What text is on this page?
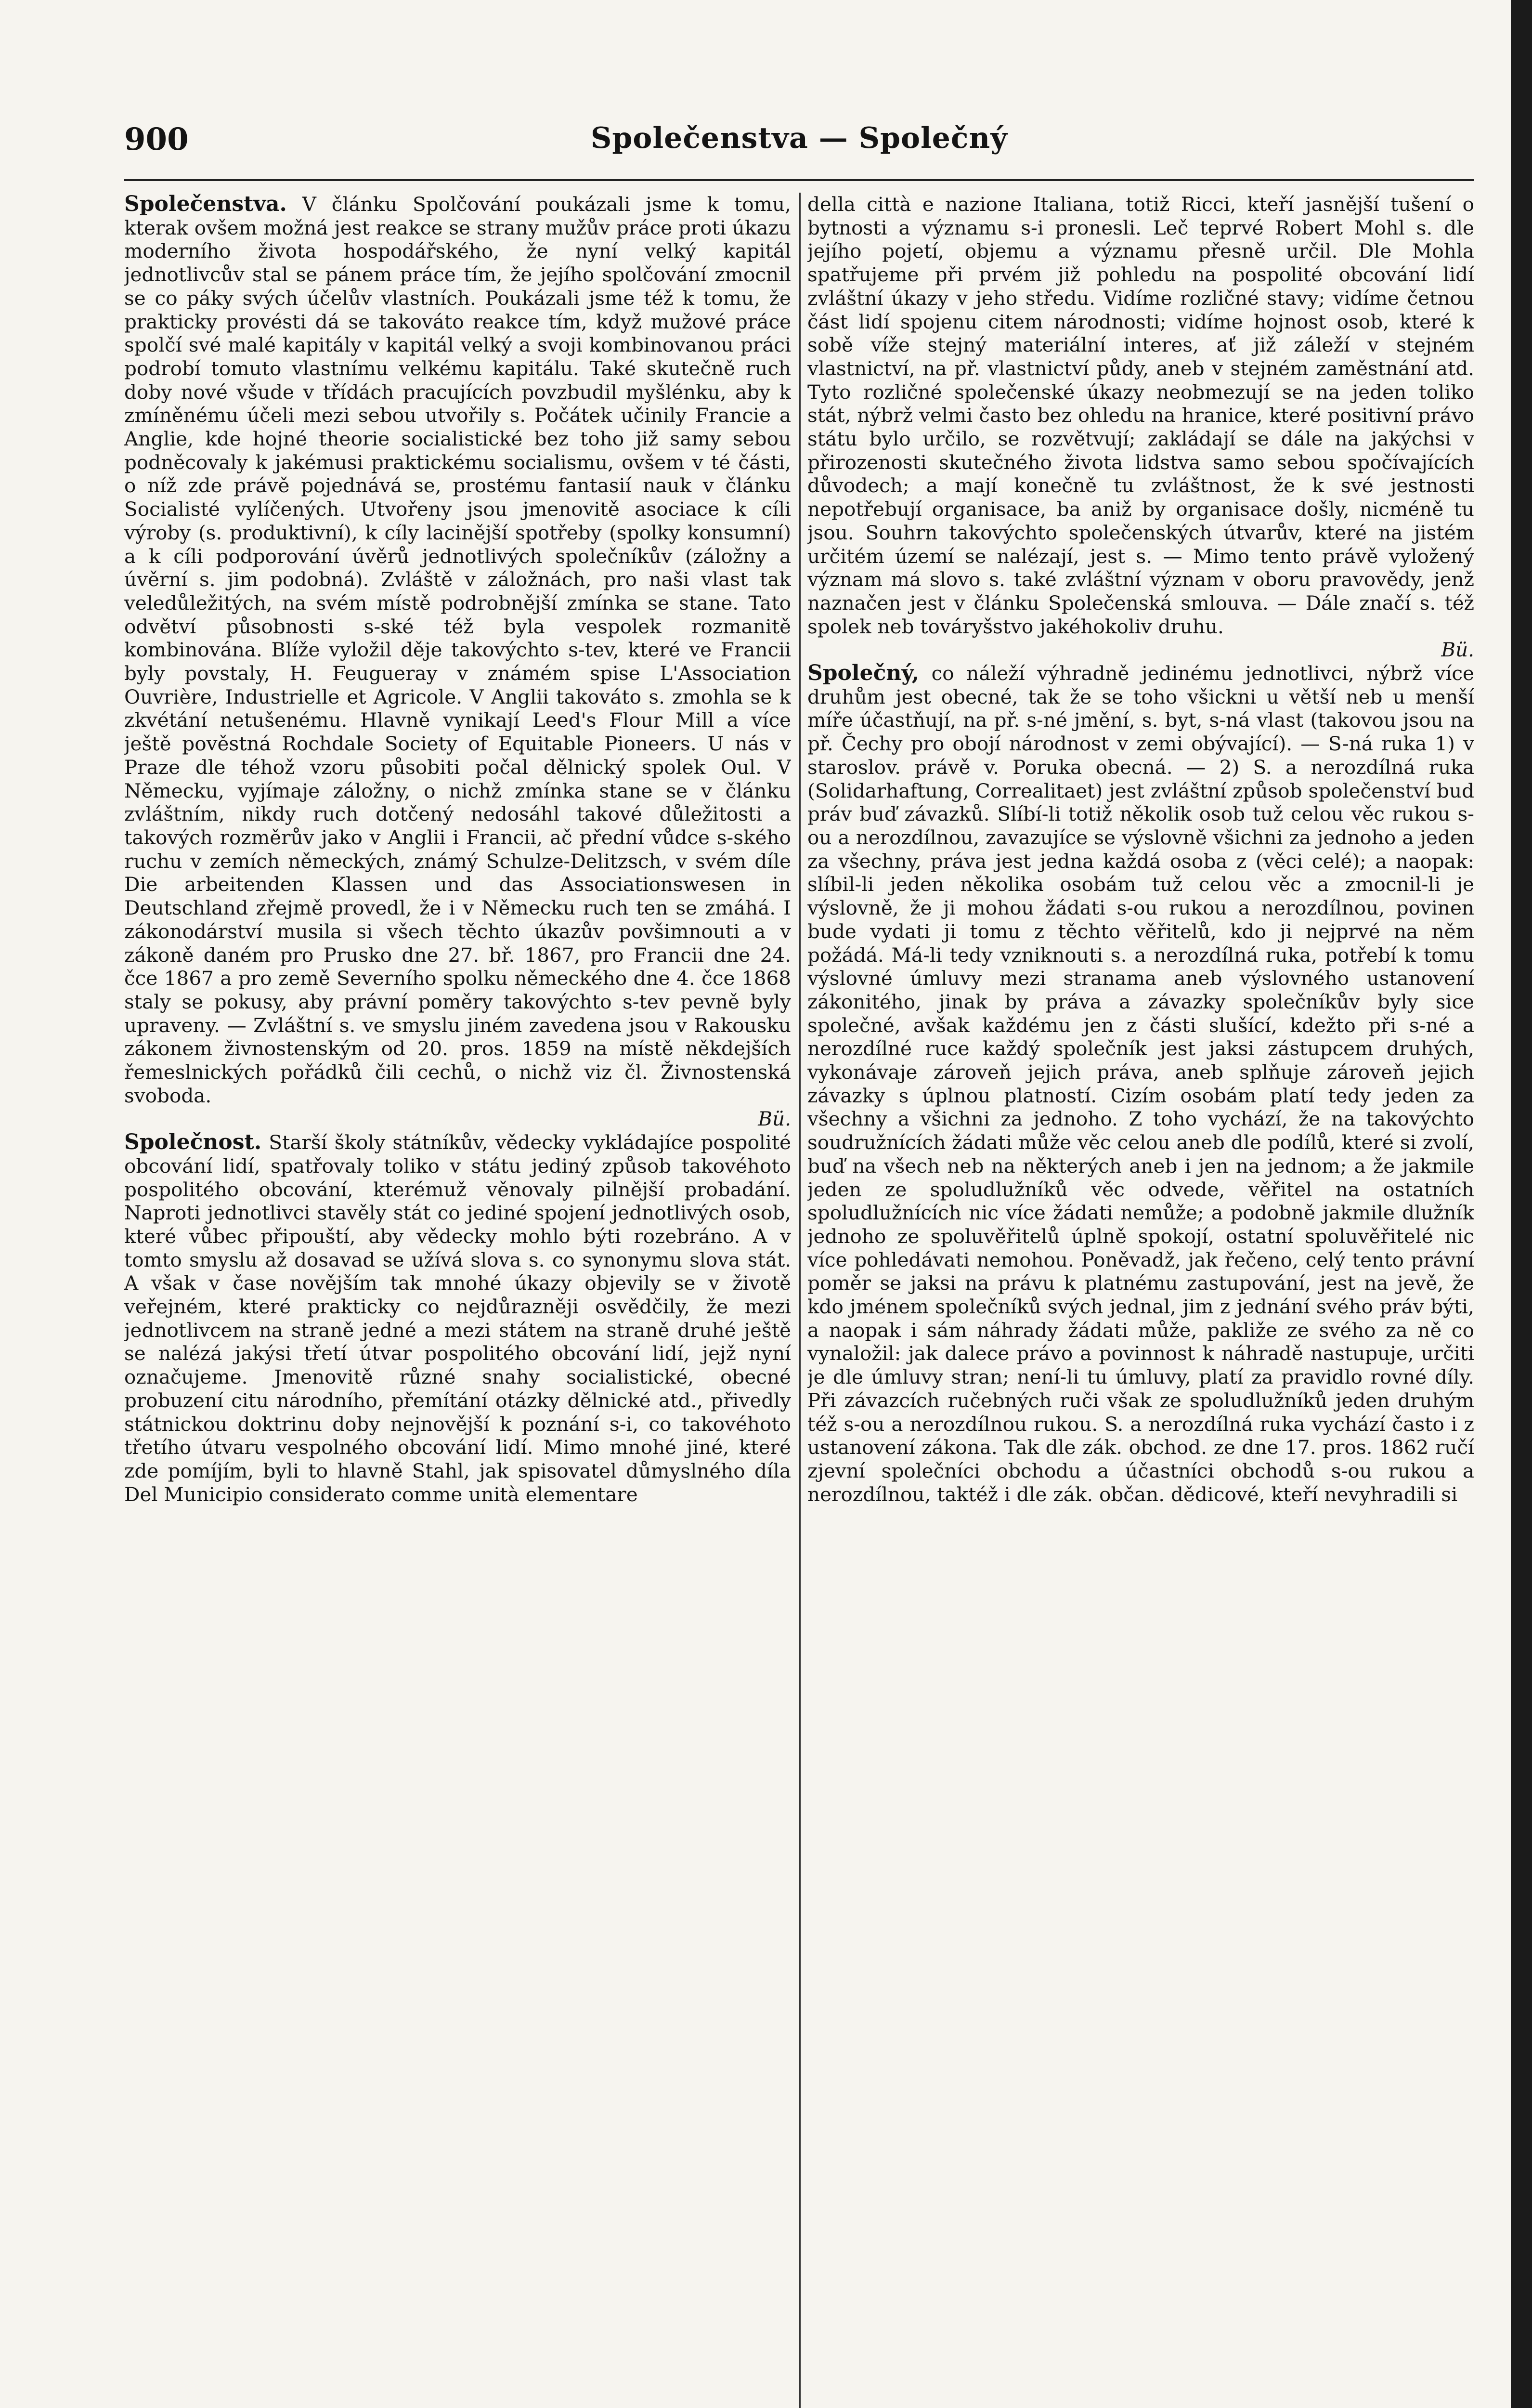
900	Společenstva — Společný

Společenstva. V článku Spolčování poukázali jsme k tomu, kterak ovšem možná jest reakce se strany mužův práce proti úkazu moderního života hospodářského, že nyní velký kapitál jednotlivcův stal se pánem práce tím, že jejího spolčování zmocnil se co páky svých účelův vlastních. Poukázali jsme též k tomu, že prakticky provésti dá se takováto reakce tím, když mužové práce spolčí své malé kapitály v kapitál velký a svoji kombinovanou práci podrobí tomuto vlastnímu velkému kapitálu. Také skutečně ruch doby nové všude v třídách pracujících povzbudil myšlénku, aby k zmíněnému účeli mezi sebou utvořily s. Počátek učinily Francie a Anglie, kde hojné theorie socialistické bez toho již samy sebou podněcovaly k jakémusi praktickému socialismu, ovšem v té části, o níž zde právě pojednává se, prostému fantasií nauk v článku Socialisté vylíčených. Utvořeny jsou jmenovitě asociace k cíli výroby (s. produktivní), k cíly lacinější spotřeby (spolky konsumní) a k cíli podporování úvěrů jednotlivých společníkův (záložny a úvěrní s. jim podobná). Zvláště v záložnách, pro naši vlast tak veledůležitých, na svém místě podrobnější zmínka se stane. Tato odvětví působnosti s-ské též byla vespolek rozmanitě kombinována. Blíže vyložil děje takovýchto s-tev, které ve Francii byly povstaly, H. Feugueray v známém spise L'Association Ouvrière, Industrielle et Agricole. V Anglii takováto s. zmohla se k zkvétání netušenému. Hlavně vynikají Leed's Flour Mill a více ještě pověstná Rochdale Society of Equitable Pioneers. U nás v Praze dle téhož vzoru působiti počal dělnický spolek Oul. V Německu, vyjímaje záložny, o nichž zmínka stane se v článku zvláštním, nikdy ruch dotčený nedosáhl takové důležitosti a takových rozměrův jako v Anglii i Francii, ač přední vůdce s-ského ruchu v zemích německých, známý Schulze-Delitzsch, v svém díle Die arbeitenden Klassen und das Associationswesen in Deutschland zřejmě provedl, že i v Německu ruch ten se zmáhá. I zákonodárství musila si všech těchto úkazův povšimnouti a v zákoně daném pro Prusko dne 27. bř. 1867, pro Francii dne 24. čce 1867 a pro země Severního spolku německého dne 4. čce 1868 staly se pokusy, aby právní poměry takovýchto s-tev pevně byly upraveny. — Zvláštní s. ve smyslu jiném zavedena jsou v Rakousku zákonem živnostenským od 20. pros. 1859 na místě někdejších řemeslnických pořádků čili cechů, o nichž viz čl. Živnostenská svoboda.

Bü.

Společnost. Starší školy státníkův, vědecky vykládajíce pospolité obcování lidí, spatřovaly toliko v státu jediný způsob takovéhoto pospolitého obcování, kterémuž věnovaly pilnější probadání. Naproti jednotlivci stavěly stát co jediné spojení jednotlivých osob, které vůbec připouští, aby vědecky mohlo býti rozebráno. A v tomto smyslu až dosavad se užívá slova s. co synonymu slova stát. A však v čase novějším tak mnohé úkazy objevily se v životě veřejném, které prakticky co nejdůrazněji osvědčily, že mezi jednotlivcem na straně jedné a mezi státem na straně druhé ještě se nalézá jakýsi třetí útvar pospolitého obcování lidí, jejž nyní označujeme. Jmenovitě různé snahy socialistické, obecné probuzení citu národního, přemítání otázky dělnické atd., přivedly státnickou doktrinu doby nejnovější k poznání s-i, co takovéhoto třetího útvaru vespolného obcování lidí. Mimo mnohé jiné, které zde pomíjím, byli to hlavně Stahl, jak spisovatel důmyslného díla Del Municipio considerato comme unità elementare

della città e nazione Italiana, totiž Ricci, kteří jasnější tušení o bytnosti a významu s-i pronesli. Leč teprvé Robert Mohl s. dle jejího pojetí, objemu a významu přesně určil. Dle Mohla spatřujeme při prvém již pohledu na pospolité obcování lidí zvláštní úkazy v jeho středu. Vidíme rozličné stavy; vidíme četnou část lidí spojenu citem národnosti; vidíme hojnost osob, které k sobě víže stejný materiální interes, ať již záleží v stejném vlastnictví, na př. vlastnictví půdy, aneb v stejném zaměstnání atd. Tyto rozličné společenské úkazy neobmezují se na jeden toliko stát, nýbrž velmi často bez ohledu na hranice, které positivní právo státu bylo určilo, se rozvětvují; zakládají se dále na jakýchsi v přirozenosti skutečného života lidstva samo sebou spočívajících důvodech; a mají konečně tu zvláštnost, že k své jestnosti nepotřebují organisace, ba aniž by organisace došly, nicméně tu jsou. Souhrn takovýchto společenských útvarův, které na jistém určitém území se nalézají, jest s. — Mimo tento právě vyložený význam má slovo s. také zvláštní význam v oboru pravovědy, jenž naznačen jest v článku Společenská smlouva. — Dále značí s. též spolek neb továryšstvo jakéhokoliv druhu.

Bü.

Společný, co náleží výhradně jedinému jednotlivci, nýbrž více druhům jest obecné, tak že se toho všickni u větší neb u menší míře účastňují, na př. s-né jmění, s. byt, s-ná vlast (takovou jsou na př. Čechy pro obojí národnost v zemi obývající). — S-ná ruka 1) v staroslov. právě v. Poruka obecná. — 2) S. a nerozdílná ruka (Solidarhaftung, Correalitaet) jest zvláštní způsob společenství buď práv buď závazků. Slíbí-li totiž několik osob tuž celou věc rukou s-ou a nerozdílnou, zavazujíce se výslovně všichni za jednoho a jeden za všechny, práva jest jedna každá osoba z (věci celé); a naopak: slíbil-li jeden několika osobám tuž celou věc a zmocnil-li je výslovně, že ji mohou žádati s-ou rukou a nerozdílnou, povinen bude vydati ji tomu z těchto věřitelů, kdo ji nejprvé na něm požádá. Má-li tedy vzniknouti s. a nerozdílná ruka, potřebí k tomu výslovné úmluvy mezi stranama aneb výslovného ustanovení zákonitého, jinak by práva a závazky společníkův byly sice společné, avšak každému jen z části slušící, kdežto při s-né a nerozdílné ruce každý společník jest jaksi zástupcem druhých, vykonávaje zároveň jejich práva, aneb splňuje zároveň jejich závazky s úplnou platností. Cizím osobám platí tedy jeden za všechny a všichni za jednoho. Z toho vychází, že na takovýchto soudružnících žádati může věc celou aneb dle podílů, které si zvolí, buď na všech neb na některých aneb i jen na jednom; a že jakmile jeden ze spoludlužníků věc odvede, věřitel na ostatních spoludlužnících nic více žádati nemůže; a podobně jakmile dlužník jednoho ze spoluvěřitelů úplně spokojí, ostatní spoluvěřitelé nic více pohledávati nemohou. Poněvadž, jak řečeno, celý tento právní poměr se jaksi na právu k platnému zastupování, jest na jevě, že kdo jménem společníků svých jednal, jim z jednání svého práv býti, a naopak i sám náhrady žádati může, pakliže ze svého za ně co vynaložil: jak dalece právo a povinnost k náhradě nastupuje, určiti je dle úmluvy stran; není-li tu úmluvy, platí za pravidlo rovné díly. Při závazcích ručebných ruči však ze spoludlužníků jeden druhým též s-ou a nerozdílnou rukou. S. a nerozdílná ruka vychází často i z ustanovení zákona. Tak dle zák. obchod. ze dne 17. pros. 1862 ručí zjevní společníci obchodu a účastníci obchodů s-ou rukou a nerozdílnou, taktéž i dle zák. občan. dědicové, kteří nevyhradili si
